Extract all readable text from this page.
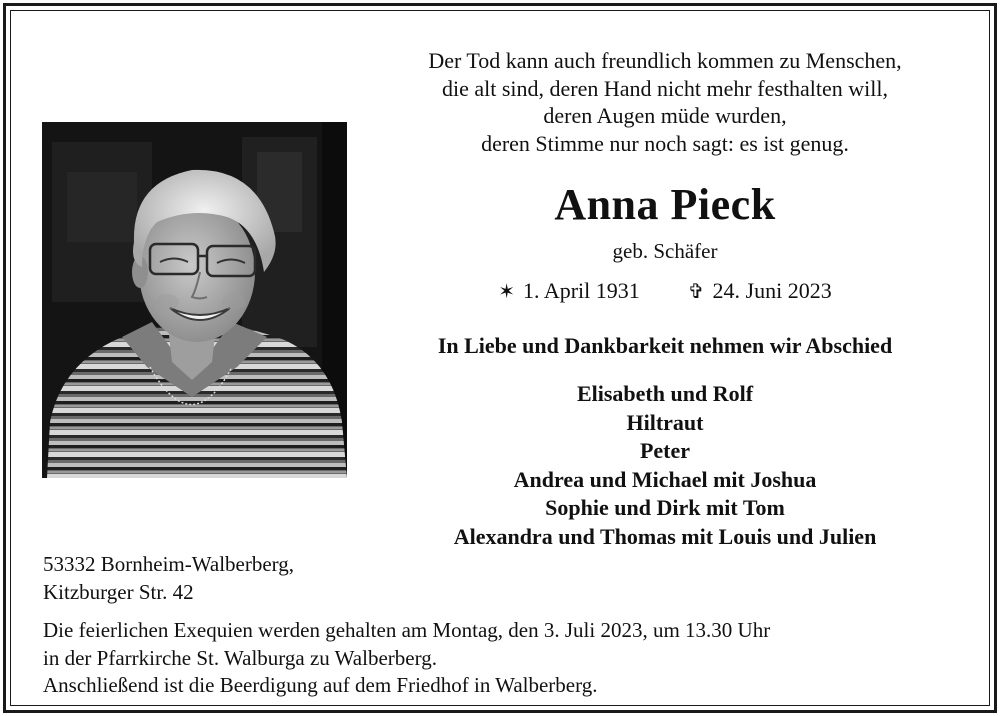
Der Tod kann auch freundlich kommen zu Menschen,
die alt sind, deren Hand nicht mehr festhalten will,
deren Augen müde wurden,
deren Stimme nur noch sagt: es ist genug.
Anna Pieck
geb. Schäfer
✶ 1. April 1931 ✞ 24. Juni 2023
In Liebe und Dankbarkeit nehmen wir Abschied
Elisabeth und Rolf
Hiltraut
Peter
Andrea und Michael mit Joshua
Sophie und Dirk mit Tom
Alexandra und Thomas mit Louis und Julien
53332 Bornheim-Walberberg,
Kitzburger Str. 42
Die feierlichen Exequien werden gehalten am Montag, den 3. Juli 2023, um 13.30 Uhr
in der Pfarrkirche St. Walburga zu Walberberg.
Anschließend ist die Beerdigung auf dem Friedhof in Walberberg.
